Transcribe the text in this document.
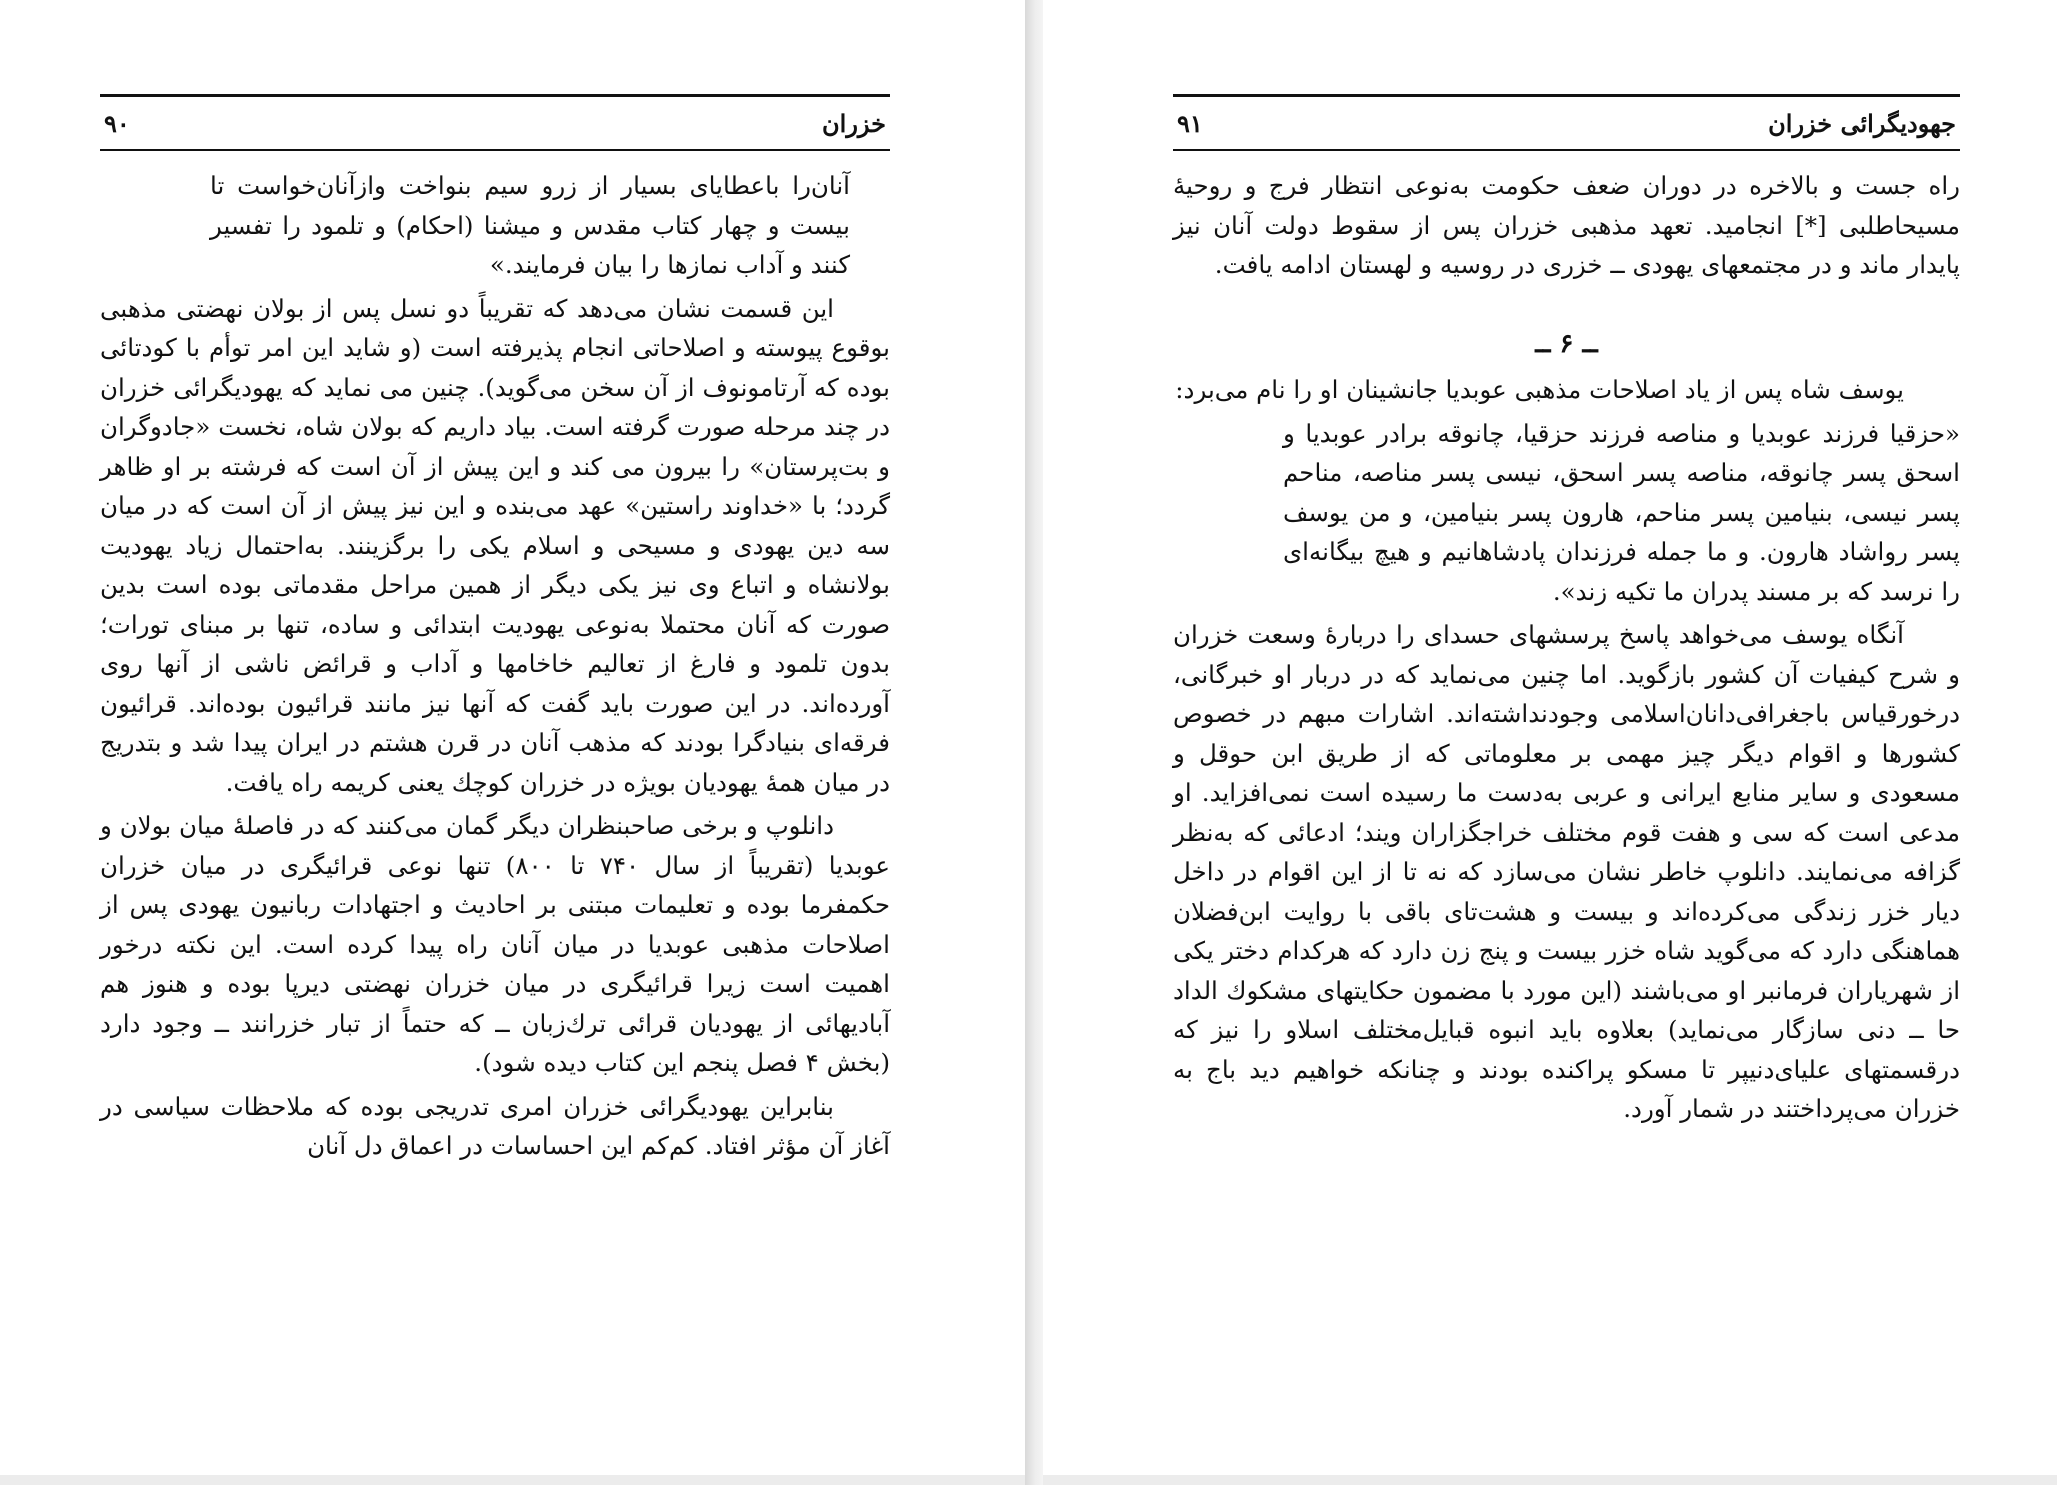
خزران
۹۰
آنان‌را باعطایای بسیار از زرو سیم بنواخت وازآنان‌خواست تا بیست و چهار کتاب مقدس و میشنا (احکام) و تلمود را تفسیر کنند و آداب نمازها را بیان فرمایند.»

این قسمت نشان می‌دهد که تقریباً دو نسل پس از بولان نهضتی مذهبی بوقوع پیوسته و اصلاحاتی انجام پذیرفته است (و شاید این امر توأم با کودتائی بوده که آرتامونوف از آن سخن می‌گوید). چنین می نماید که یهودیگرائی خزران در چند مرحله صورت گرفته است. بیاد داریم که بولان شاه، نخست «جادوگران و بت‌پرستان» را بیرون می کند و این پیش از آن است که فرشته بر او ظاهر گردد؛ با «خداوند راستین» عهد می‌بنده و این نیز پیش از آن است که در میان سه دین یهودی و مسیحی و اسلام یکی را برگزینند. به‌احتمال زیاد یهودیت بولانشاه و اتباع وی نیز یکی دیگر از همین مراحل مقدماتی بوده است بدین صورت که آنان محتملا به‌نوعی یهودیت ابتدائی و ساده، تنها بر مبنای تورات؛ بدون تلمود و فارغ از تعالیم خاخامها و آداب و قرائض ناشی از آنها روی آورده‌اند. در این صورت باید گفت که آنها نیز مانند قرائیون بوده‌اند. قرائیون فرقه‌ای بنیادگرا بودند که مذهب آنان در قرن هشتم در ایران پیدا شد و بتدریج در میان همهٔ یهودیان بویژه در خزران کوچك یعنی کریمه راه یافت.

دانلوپ و برخی صاحبنظران دیگر گمان می‌کنند که در فاصلهٔ میان بولان و عوبدیا (تقریباً از سال ۷۴۰ تا ۸۰۰) تنها نوعی قرائیگری در میان خزران حکمفرما بوده و تعلیمات مبتنی بر احادیث و اجتهادات ربانیون یهودی پس از اصلاحات مذهبی عوبدیا در میان آنان راه پیدا کرده است. این نکته درخور اهمیت است زیرا قرائیگری در میان خزران نهضتی دیرپا بوده و هنوز هم آبادیهائی از یهودیان قرائی ترك‌زبان ــ که حتماً از تبار خزرانند ــ وجود دارد (بخش ۴ فصل پنجم این کتاب دیده شود).

بنابراین یهودیگرائی خزران امری تدریجی بوده که ملاحظات سیاسی در آغاز آن مؤثر افتاد. کم‌کم این احساسات در اعماق دل آنان

جهودیگرائی خزران
۹۱

راه جست و بالاخره در دوران ضعف حکومت به‌نوعی انتظار فرج و روحیهٔ مسیحاطلبی [*] انجامید. تعهد مذهبی خزران پس از سقوط دولت آنان نیز پایدار ماند و در مجتمعهای یهودی ــ خزری در روسیه و لهستان ادامه یافت.

ــ ۶ ــ

یوسف شاه پس از یاد اصلاحات مذهبی عوبدیا جانشینان او را نام می‌برد:

«حزقیا فرزند عوبدیا و مناصه فرزند حزقیا، چانوقه برادر عوبدیا و اسحق پسر چانوقه، مناصه پسر اسحق، نیسی پسر مناصه، مناحم پسر نیسی، بنیامین پسر مناحم، هارون پسر بنیامین، و من یوسف پسر رواشاد هارون. و ما جمله فرزندان پادشاهانیم و هیچ بیگانه‌ای را نرسد که بر مسند پدران ما تکیه زند».

آنگاه یوسف می‌خواهد پاسخ پرسشهای حسدای را دربارهٔ وسعت خزران و شرح کیفیات آن کشور بازگوید. اما چنین می‌نماید که در دربار او خبرگانی، درخورقیاس باجغرافی‌دانان‌اسلامی وجودنداشته‌اند. اشارات مبهم در خصوص کشورها و اقوام دیگر چیز مهمی بر معلوماتی که از طریق ابن حوقل و مسعودی و سایر منابع ایرانی و عربی به‌دست ما رسیده است نمی‌افزاید. او مدعی است که سی و هفت قوم مختلف خراجگزاران ویند؛ ادعائی که به‌نظر گزافه می‌نمایند. دانلوپ خاطر نشان می‌سازد که نه تا از این اقوام در داخل دیار خزر زندگی می‌کرده‌اند و بیست و هشت‌تای باقی با روایت ابن‌فضلان هماهنگی دارد که می‌گوید شاه خزر بیست و پنج زن دارد که هرکدام دختر یکی از شهریاران فرمانبر او می‌باشند (این مورد با مضمون حکایتهای مشکوك الداد حا ــ دنی سازگار می‌نماید) بعلاوه باید انبوه قبایل‌مختلف اسلاو را نیز که درقسمتهای علیای‌دنیپر تا مسکو پراکنده بودند و چنانکه خواهیم دید باج به خزران می‌پرداختند در شمار آورد.
